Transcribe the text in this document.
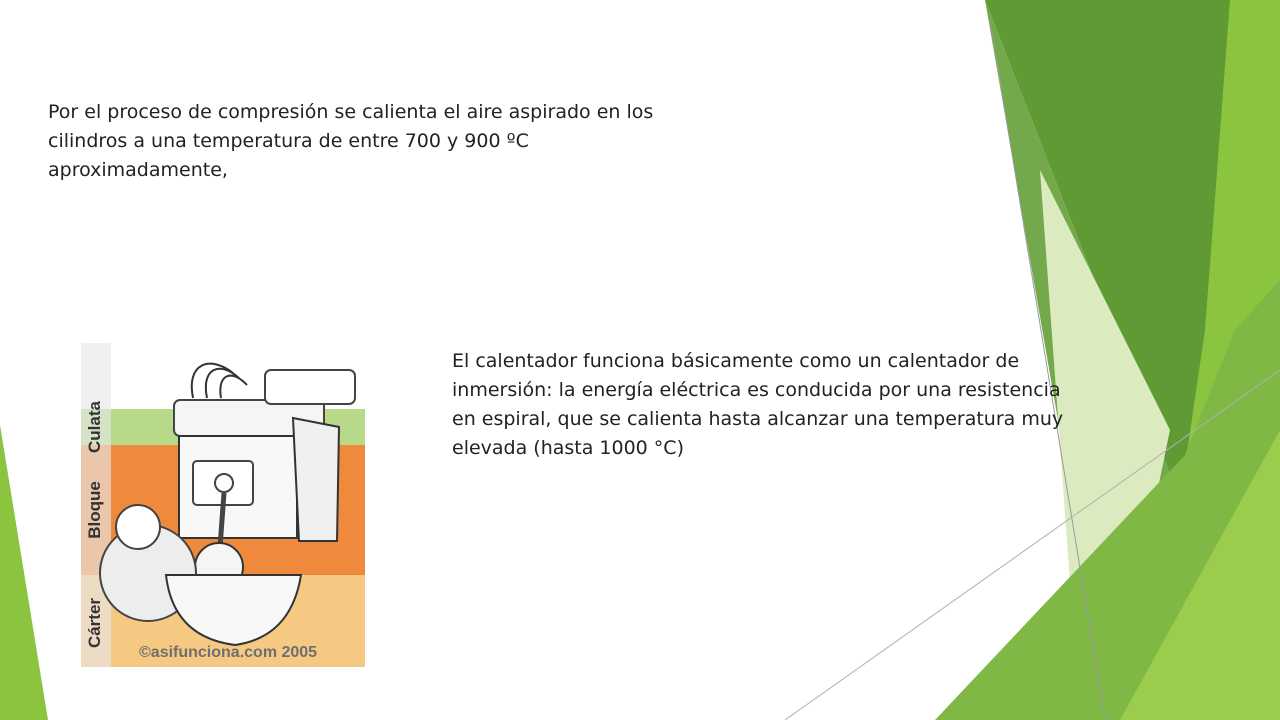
Por el proceso de compresión se calienta el aire aspirado en los cilindros a una temperatura de entre 700 y 900 ºC aproximadamente,

El calentador funciona básicamente como un calentador de inmersión: la energía eléctrica es conducida por una resistencia en espiral, que se calienta hasta alcanzar una temperatura muy elevada (hasta 1000 °C)

Culata
Bloque
Cárter
©asifunciona.com 2005
